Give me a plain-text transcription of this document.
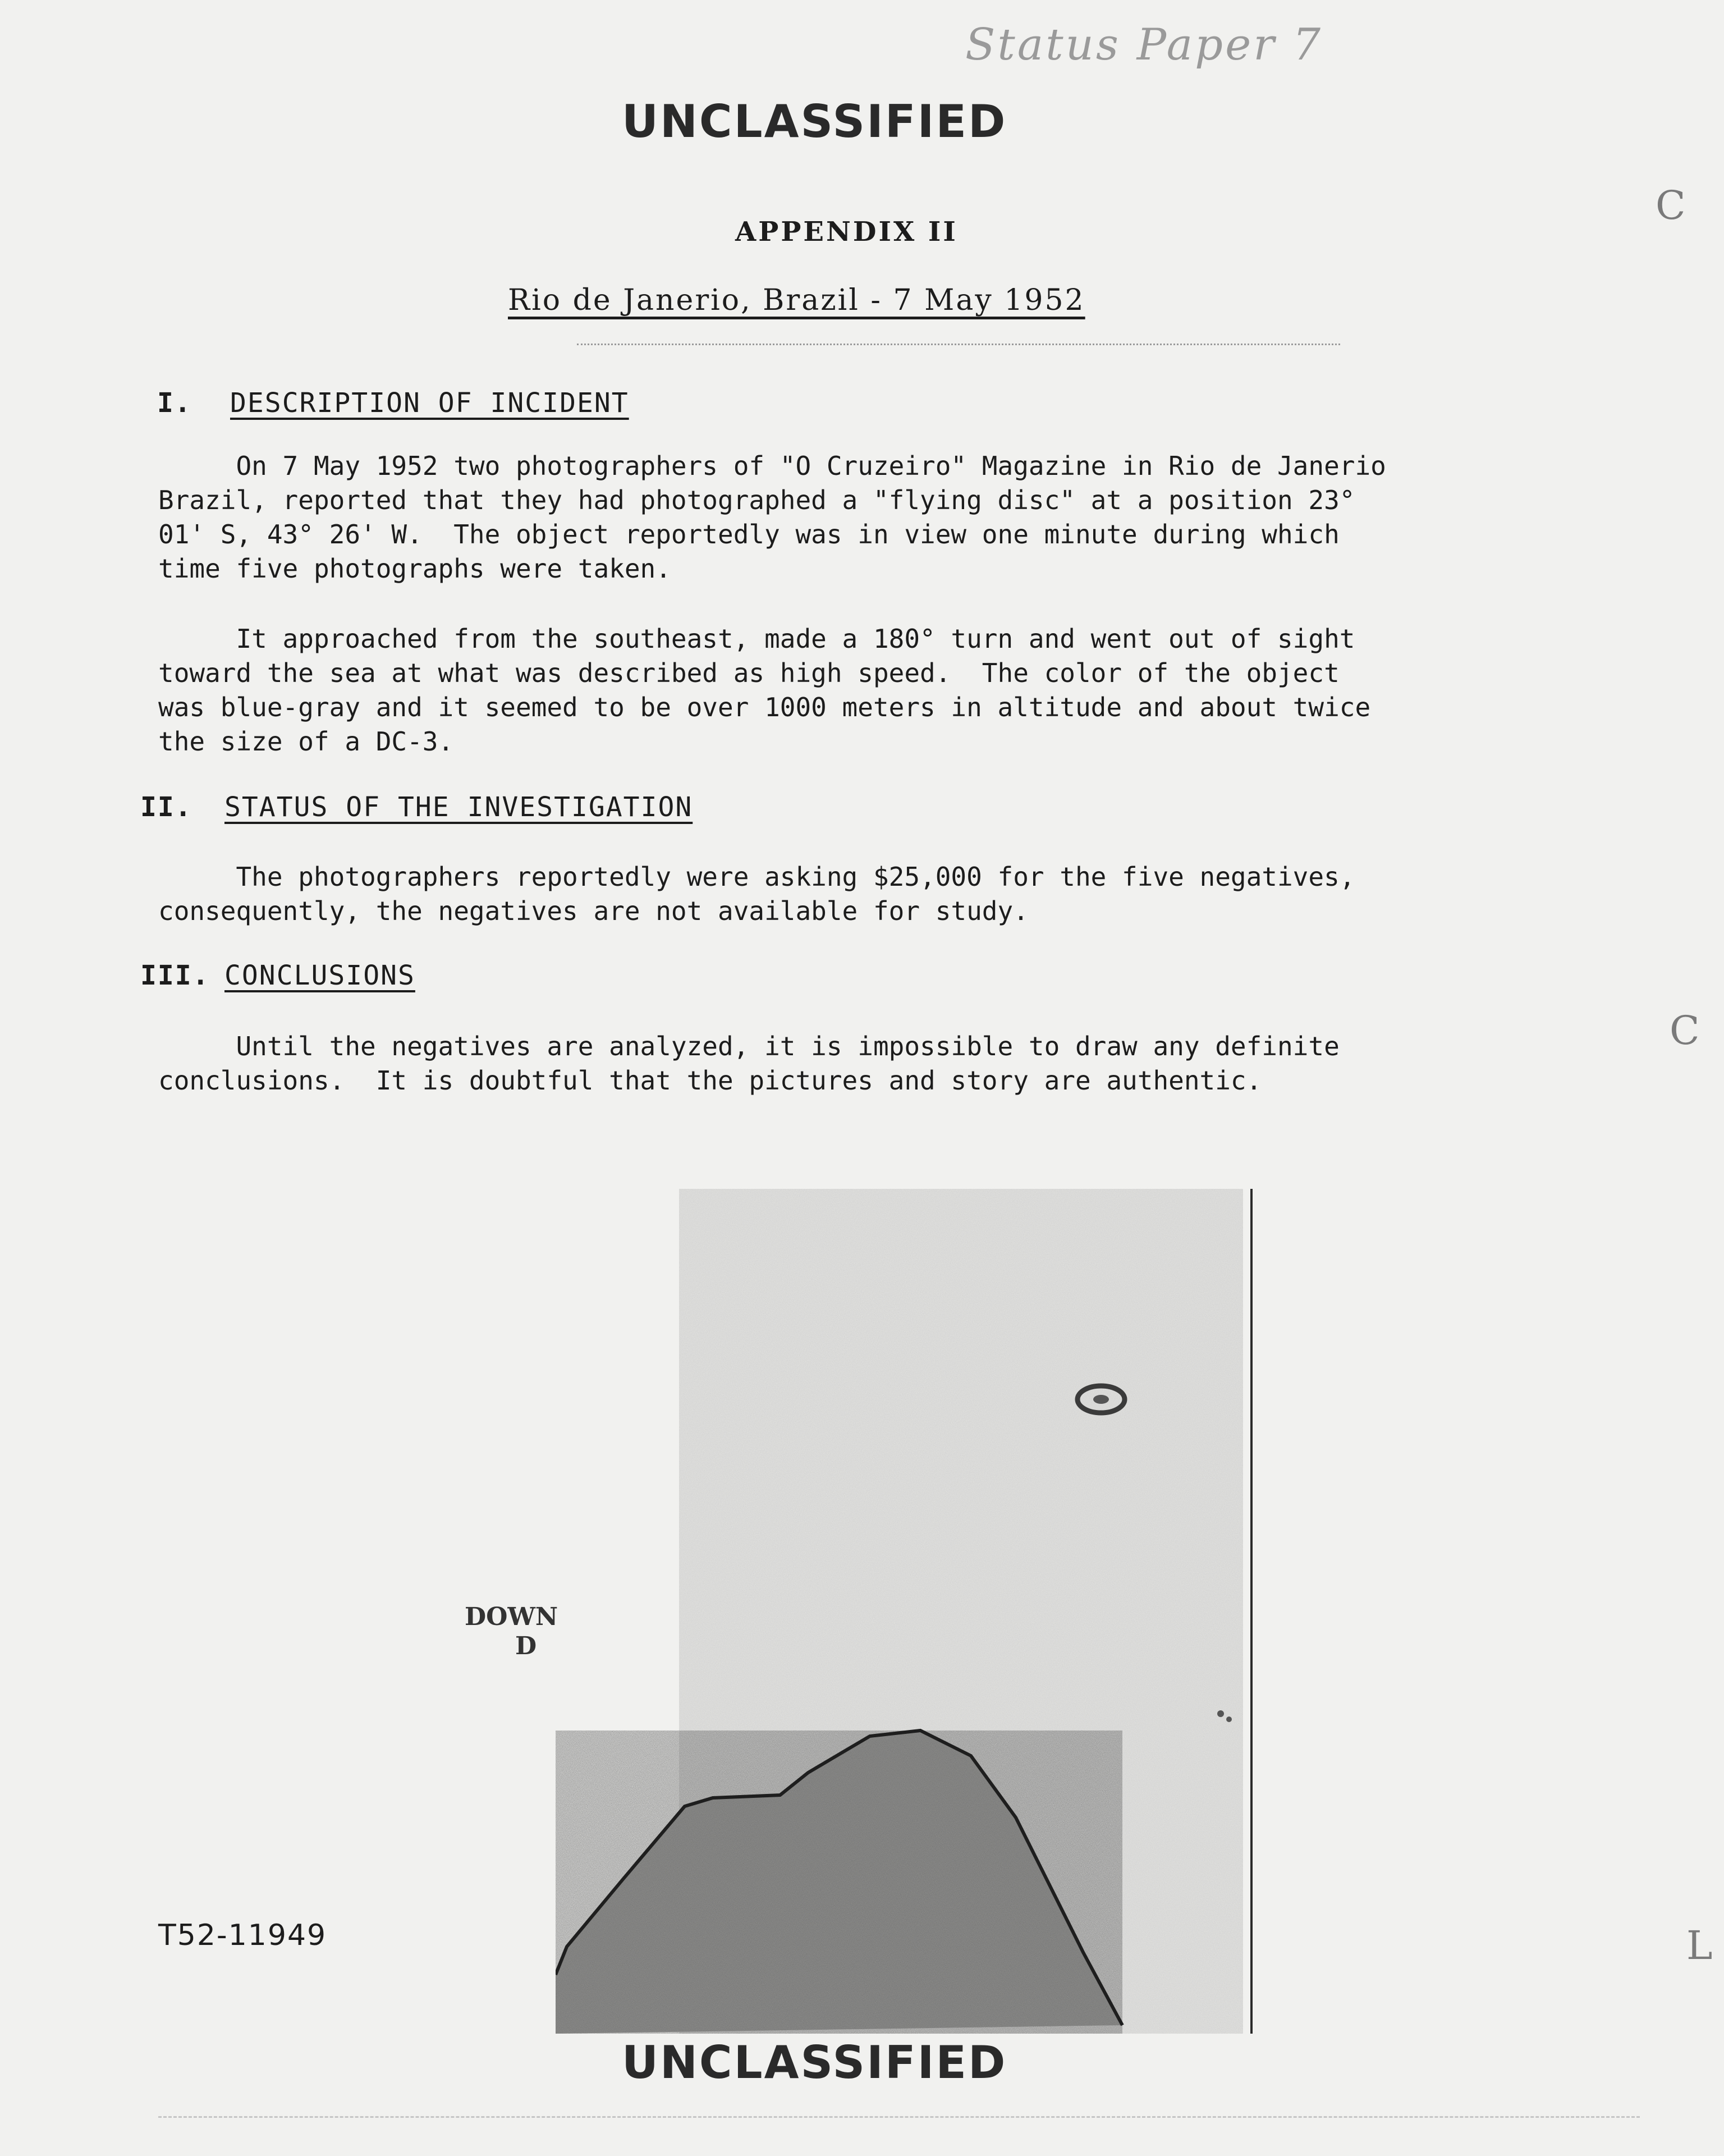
Status Paper 7
UNCLASSIFIED
APPENDIX II
Rio de Janerio, Brazil - 7 May 1952
I. DESCRIPTION OF INCIDENT
On 7 May 1952 two photographers of "O Cruzeiro" Magazine in Rio de Janerio
Brazil, reported that they had photographed a "flying disc" at a position 23°
01' S, 43° 26' W.  The object reportedly was in view one minute during which
time five photographs were taken.
It approached from the southeast, made a 180° turn and went out of sight
toward the sea at what was described as high speed.  The color of the object
was blue-gray and it seemed to be over 1000 meters in altitude and about twice
the size of a DC-3.
II. STATUS OF THE INVESTIGATION
The photographers reportedly were asking $25,000 for the five negatives,
consequently, the negatives are not available for study.
III. CONCLUSIONS
Until the negatives are analyzed, it is impossible to draw any definite
conclusions.  It is doubtful that the pictures and story are authentic.
DOWN
D
T52-11949
UNCLASSIFIED
C
C
L
